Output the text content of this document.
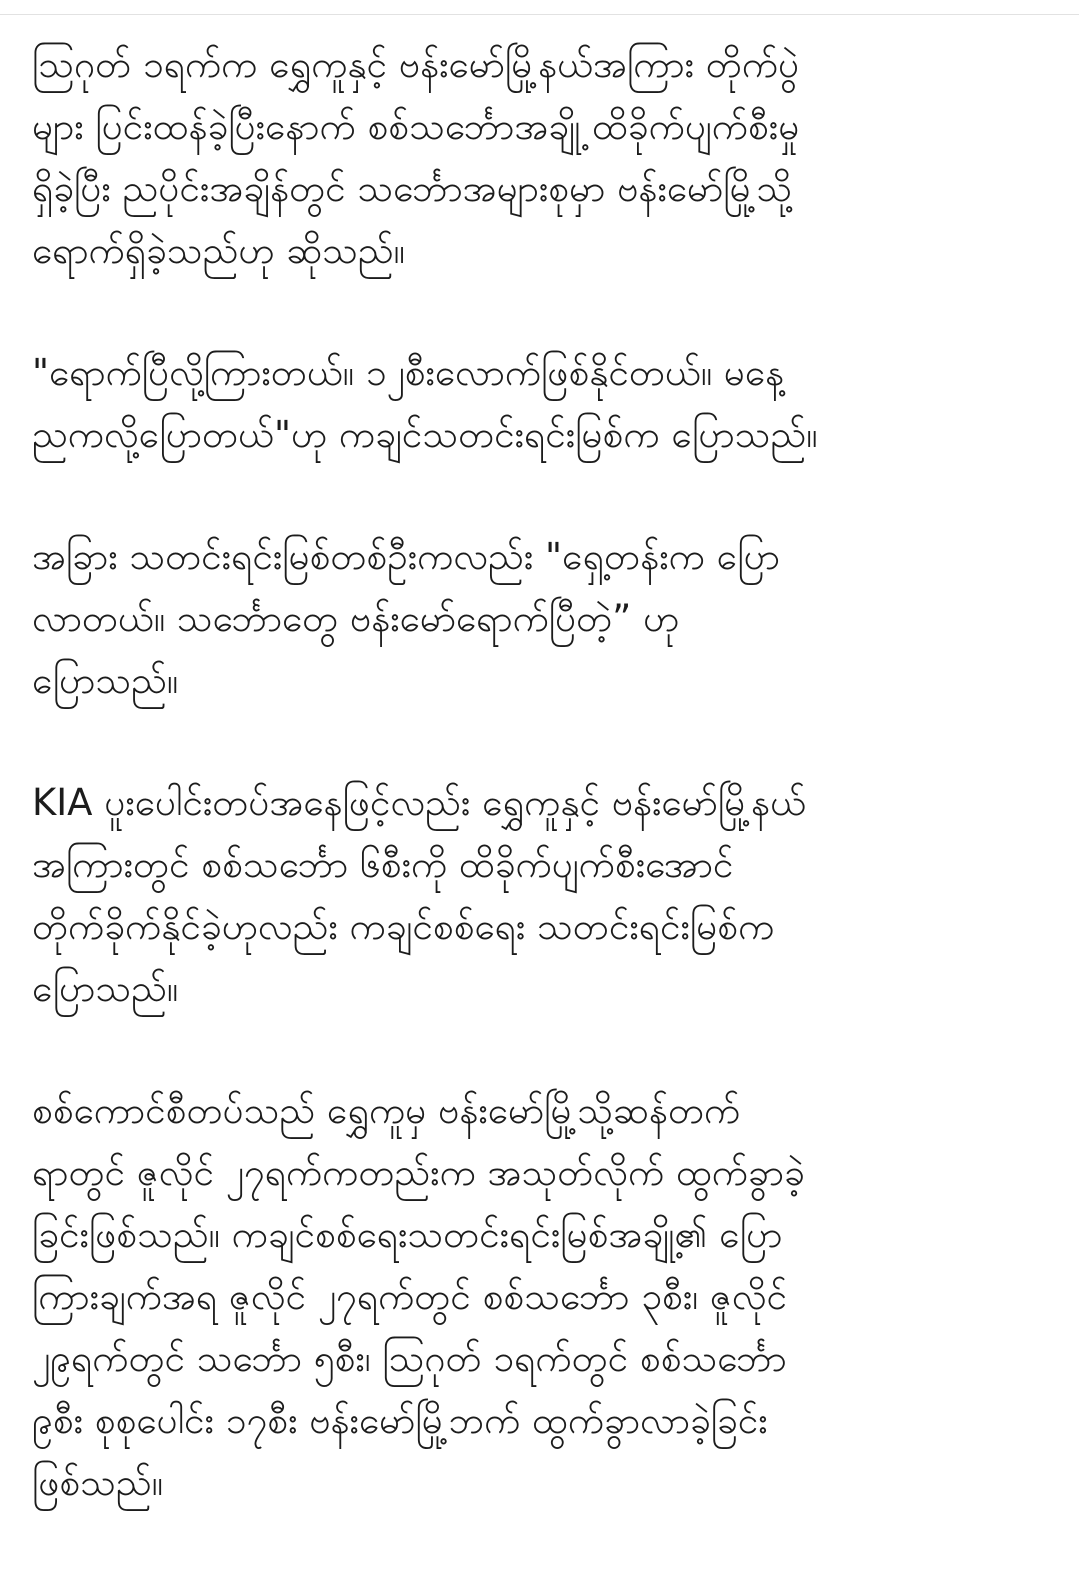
ဩဂုတ် ၁ရက်က ရွှေကူနှင့် ဗန်းမော်မြို့နယ်အကြား တိုက်ပွဲ
များ ပြင်းထန်ခဲ့ပြီးနောက် စစ်သင်္ဘောအချို့ ထိခိုက်ပျက်စီးမှု
ရှိခဲ့ပြီး ညပိုင်းအချိန်တွင် သင်္ဘောအများစုမှာ ဗန်းမော်မြို့သို့
ရောက်ရှိခဲ့သည်ဟု ဆိုသည်။

"ရောက်ပြီလို့ကြားတယ်။ ၁၂စီးလောက်ဖြစ်နိုင်တယ်။ မနေ့
ညကလို့ပြောတယ်"ဟု ကချင်သတင်းရင်းမြစ်က ပြောသည်။

အခြား သတင်းရင်းမြစ်တစ်ဦးကလည်း "ရှေ့တန်းက ပြော
လာတယ်။ သင်္ဘောတွေ ဗန်းမော်ရောက်ပြီတဲ့” ဟု
ပြောသည်။

KIA ပူးပေါင်းတပ်အနေဖြင့်လည်း ရွှေကူနှင့် ဗန်းမော်မြို့နယ်
အကြားတွင် စစ်သင်္ဘော ၆စီးကို ထိခိုက်ပျက်စီးအောင်
တိုက်ခိုက်နိုင်ခဲ့ဟုလည်း ကချင်စစ်ရေး သတင်းရင်းမြစ်က
ပြောသည်။

စစ်ကောင်စီတပ်သည် ရွှေကူမှ ဗန်းမော်မြို့သို့ဆန်တက်
ရာတွင် ဇူလိုင် ၂၇ရက်ကတည်းက အသုတ်လိုက် ထွက်ခွာခဲ့
ခြင်းဖြစ်သည်။ ကချင်စစ်ရေးသတင်းရင်းမြစ်အချို့၏ ပြော
ကြားချက်အရ ဇူလိုင် ၂၇ရက်တွင် စစ်သင်္ဘော ၃စီး၊ ဇူလိုင်
၂၉ရက်တွင် သင်္ဘော ၅စီး၊ ဩဂုတ် ၁ရက်တွင် စစ်သင်္ဘော
၉စီး စုစုပေါင်း ၁၇စီး ဗန်းမော်မြို့ဘက် ထွက်ခွာလာခဲ့ခြင်း
ဖြစ်သည်။
